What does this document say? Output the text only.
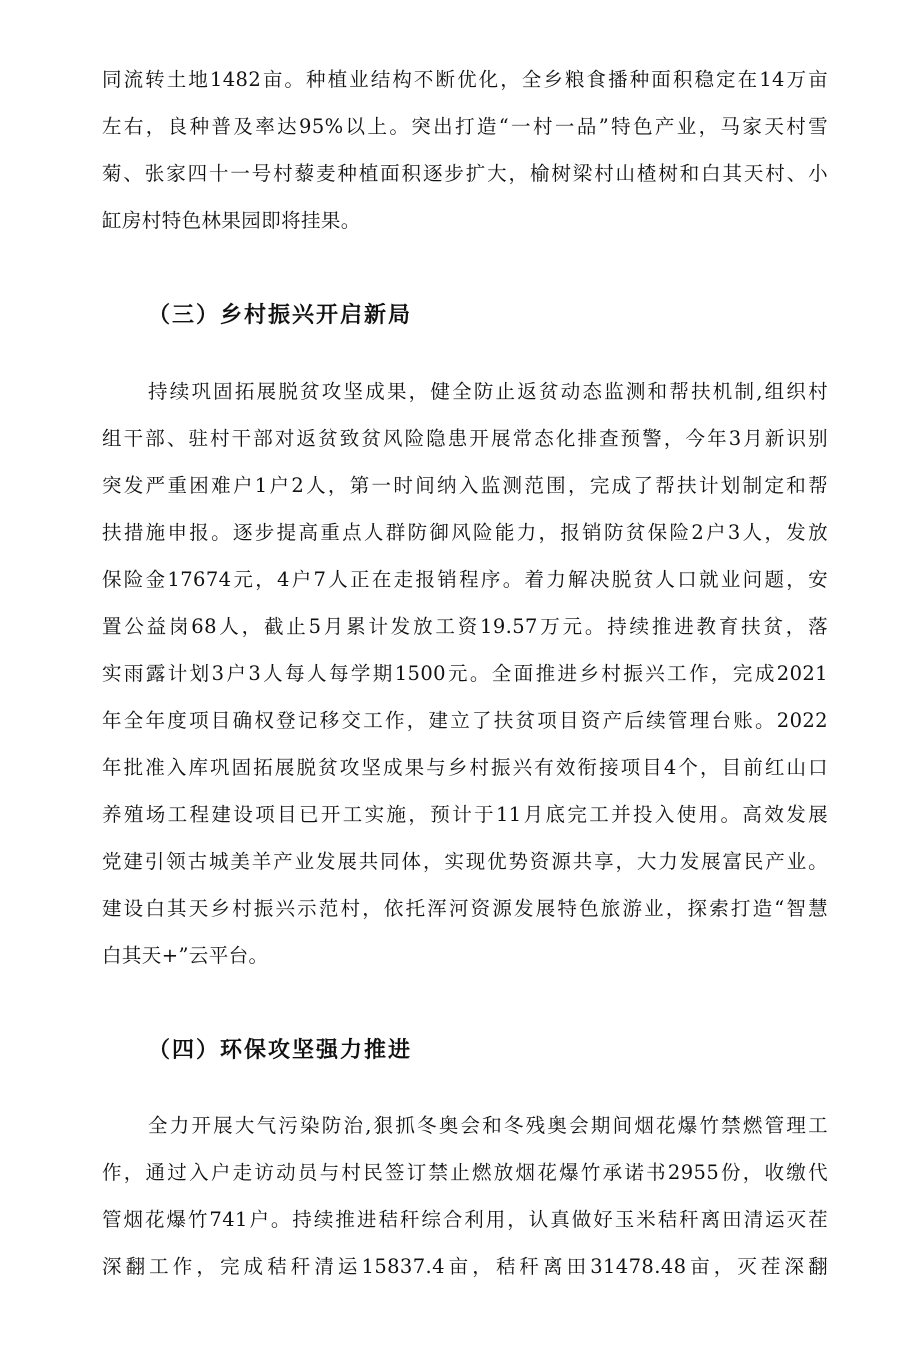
同流转土地1482亩。种植业结构不断优化，全乡粮食播种面积稳定在14万亩
左右，良种普及率达95%以上。突出打造“一村一品”特色产业，马家天村雪
菊、张家四十一号村藜麦种植面积逐步扩大，榆树梁村山楂树和白其天村、小
缸房村特色林果园即将挂果。
（三）乡村振兴开启新局
持续巩固拓展脱贫攻坚成果，健全防止返贫动态监测和帮扶机制,组织村
组干部、驻村干部对返贫致贫风险隐患开展常态化排查预警，今年3月新识别
突发严重困难户1户2人，第一时间纳入监测范围，完成了帮扶计划制定和帮
扶措施申报。逐步提高重点人群防御风险能力，报销防贫保险2户3人，发放
保险金17674元，4户7人正在走报销程序。着力解决脱贫人口就业问题，安
置公益岗68人，截止5月累计发放工资19.57万元。持续推进教育扶贫，落
实雨露计划3户3人每人每学期1500元。全面推进乡村振兴工作，完成2021
年全年度项目确权登记移交工作，建立了扶贫项目资产后续管理台账。2022
年批准入库巩固拓展脱贫攻坚成果与乡村振兴有效衔接项目4个，目前红山口
养殖场工程建设项目已开工实施，预计于11月底完工并投入使用。高效发展
党建引领古城美羊产业发展共同体，实现优势资源共享，大力发展富民产业。
建设白其天乡村振兴示范村，依托浑河资源发展特色旅游业，探索打造“智慧
白其天+”云平台。
（四）环保攻坚强力推进
全力开展大气污染防治,狠抓冬奥会和冬残奥会期间烟花爆竹禁燃管理工
作，通过入户走访动员与村民签订禁止燃放烟花爆竹承诺书2955份，收缴代
管烟花爆竹741户。持续推进秸秆综合利用，认真做好玉米秸秆离田清运灭茬
深翻工作，完成秸秆清运15837.4亩，秸秆离田31478.48亩，灭茬深翻
